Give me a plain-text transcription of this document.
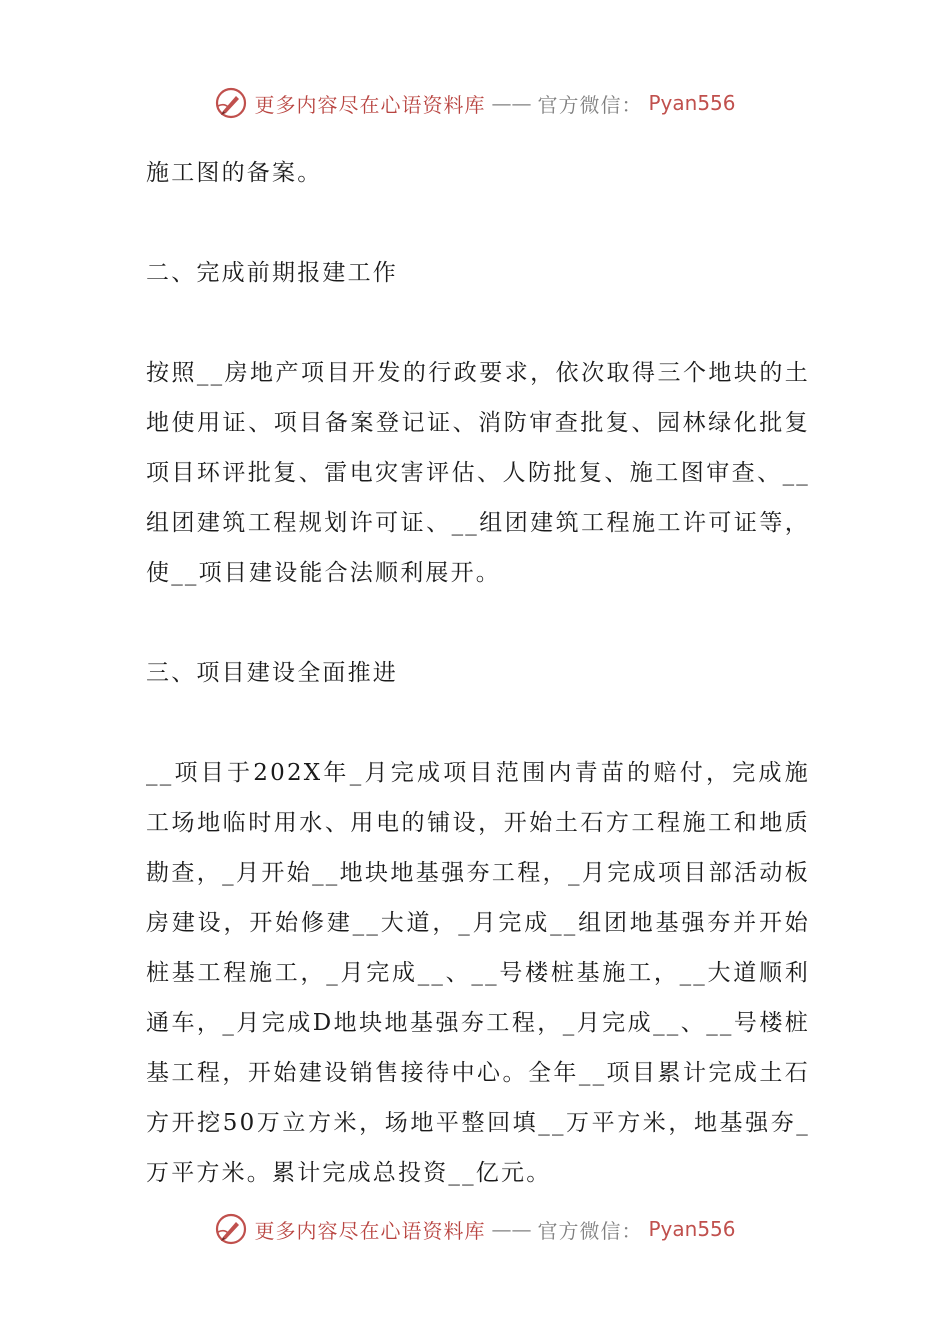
更多内容尽在心语资料库 —— 官方微信： Pyan556

施工图的备案。

二、完成前期报建工作

按照__房地产项目开发的行政要求，依次取得三个地块的土地使用证、项目备案登记证、消防审查批复、园林绿化批复项目环评批复、雷电灾害评估、人防批复、施工图审查、__组团建筑工程规划许可证、__组团建筑工程施工许可证等，使__项目建设能合法顺利展开。

三、项目建设全面推进

__项目于202X年_月完成项目范围内青苗的赔付，完成施工场地临时用水、用电的铺设，开始土石方工程施工和地质勘查，_月开始__地块地基强夯工程，_月完成项目部活动板房建设，开始修建__大道，_月完成__组团地基强夯并开始桩基工程施工，_月完成__、__号楼桩基施工，__大道顺利通车，_月完成D地块地基强夯工程，_月完成__、__号楼桩基工程，开始建设销售接待中心。全年__项目累计完成土石方开挖50万立方米，场地平整回填__万平方米，地基强夯_万平方米。累计完成总投资__亿元。

更多内容尽在心语资料库 —— 官方微信： Pyan556
